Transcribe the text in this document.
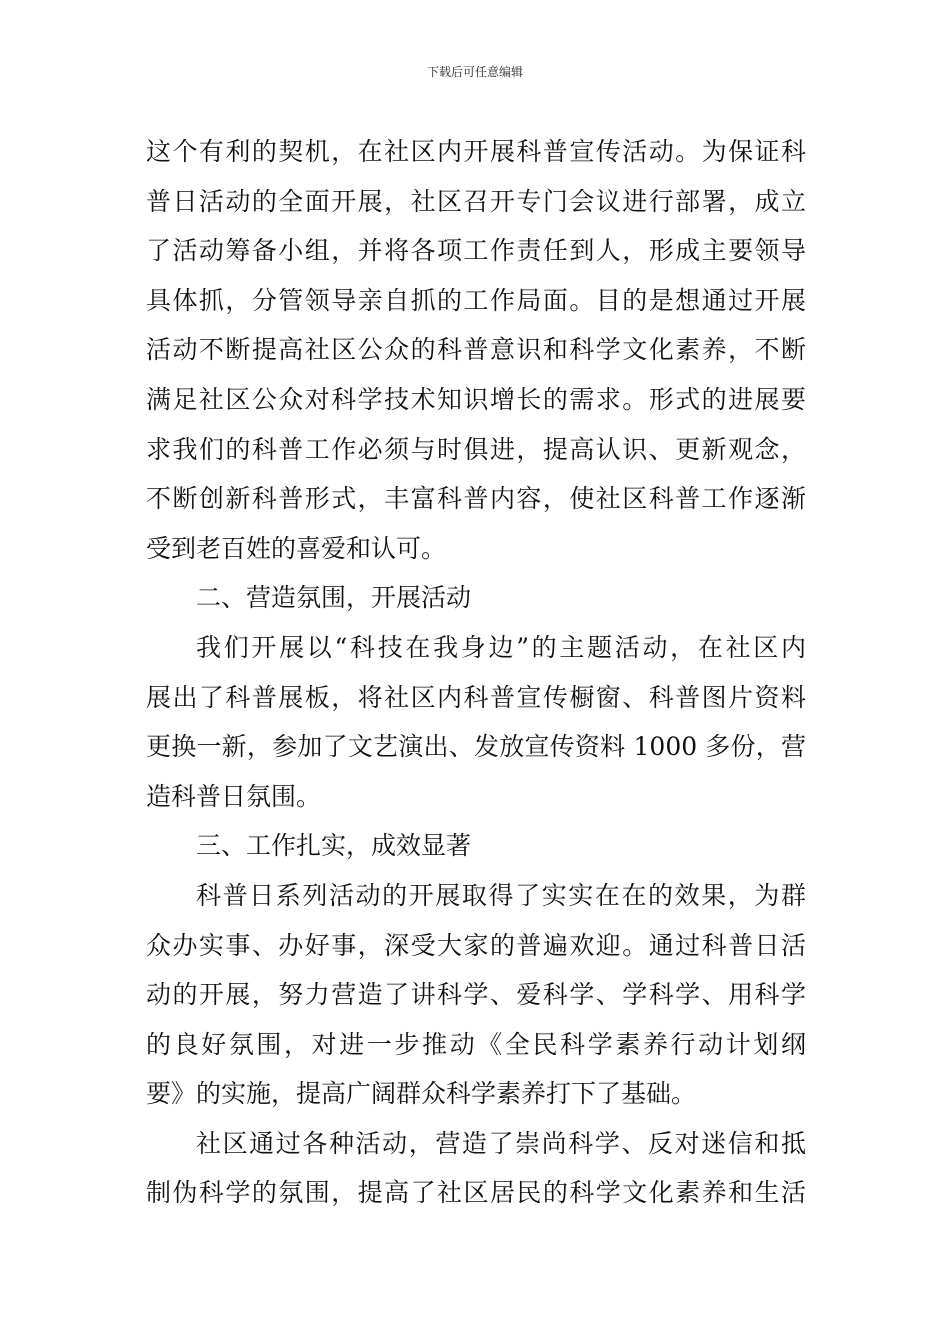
下载后可任意编辑
这个有利的契机，在社区内开展科普宣传活动。为保证科
普日活动的全面开展，社区召开专门会议进行部署，成立
了活动筹备小组，并将各项工作责任到人，形成主要领导
具体抓，分管领导亲自抓的工作局面。目的是想通过开展
活动不断提高社区公众的科普意识和科学文化素养，不断
满足社区公众对科学技术知识增长的需求。形式的进展要
求我们的科普工作必须与时俱进，提高认识、更新观念，
不断创新科普形式，丰富科普内容，使社区科普工作逐渐
受到老百姓的喜爱和认可。
二、营造氛围，开展活动
我们开展以“科技在我身边”的主题活动，在社区内
展出了科普展板，将社区内科普宣传橱窗、科普图片资料
更换一新，参加了文艺演出、发放宣传资料 1000 多份，营
造科普日氛围。
三、工作扎实，成效显著
科普日系列活动的开展取得了实实在在的效果，为群
众办实事、办好事，深受大家的普遍欢迎。通过科普日活
动的开展，努力营造了讲科学、爱科学、学科学、用科学
的良好氛围，对进一步推动《全民科学素养行动计划纲
要》的实施，提高广阔群众科学素养打下了基础。
社区通过各种活动，营造了崇尚科学、反对迷信和抵
制伪科学的氛围，提高了社区居民的科学文化素养和生活
